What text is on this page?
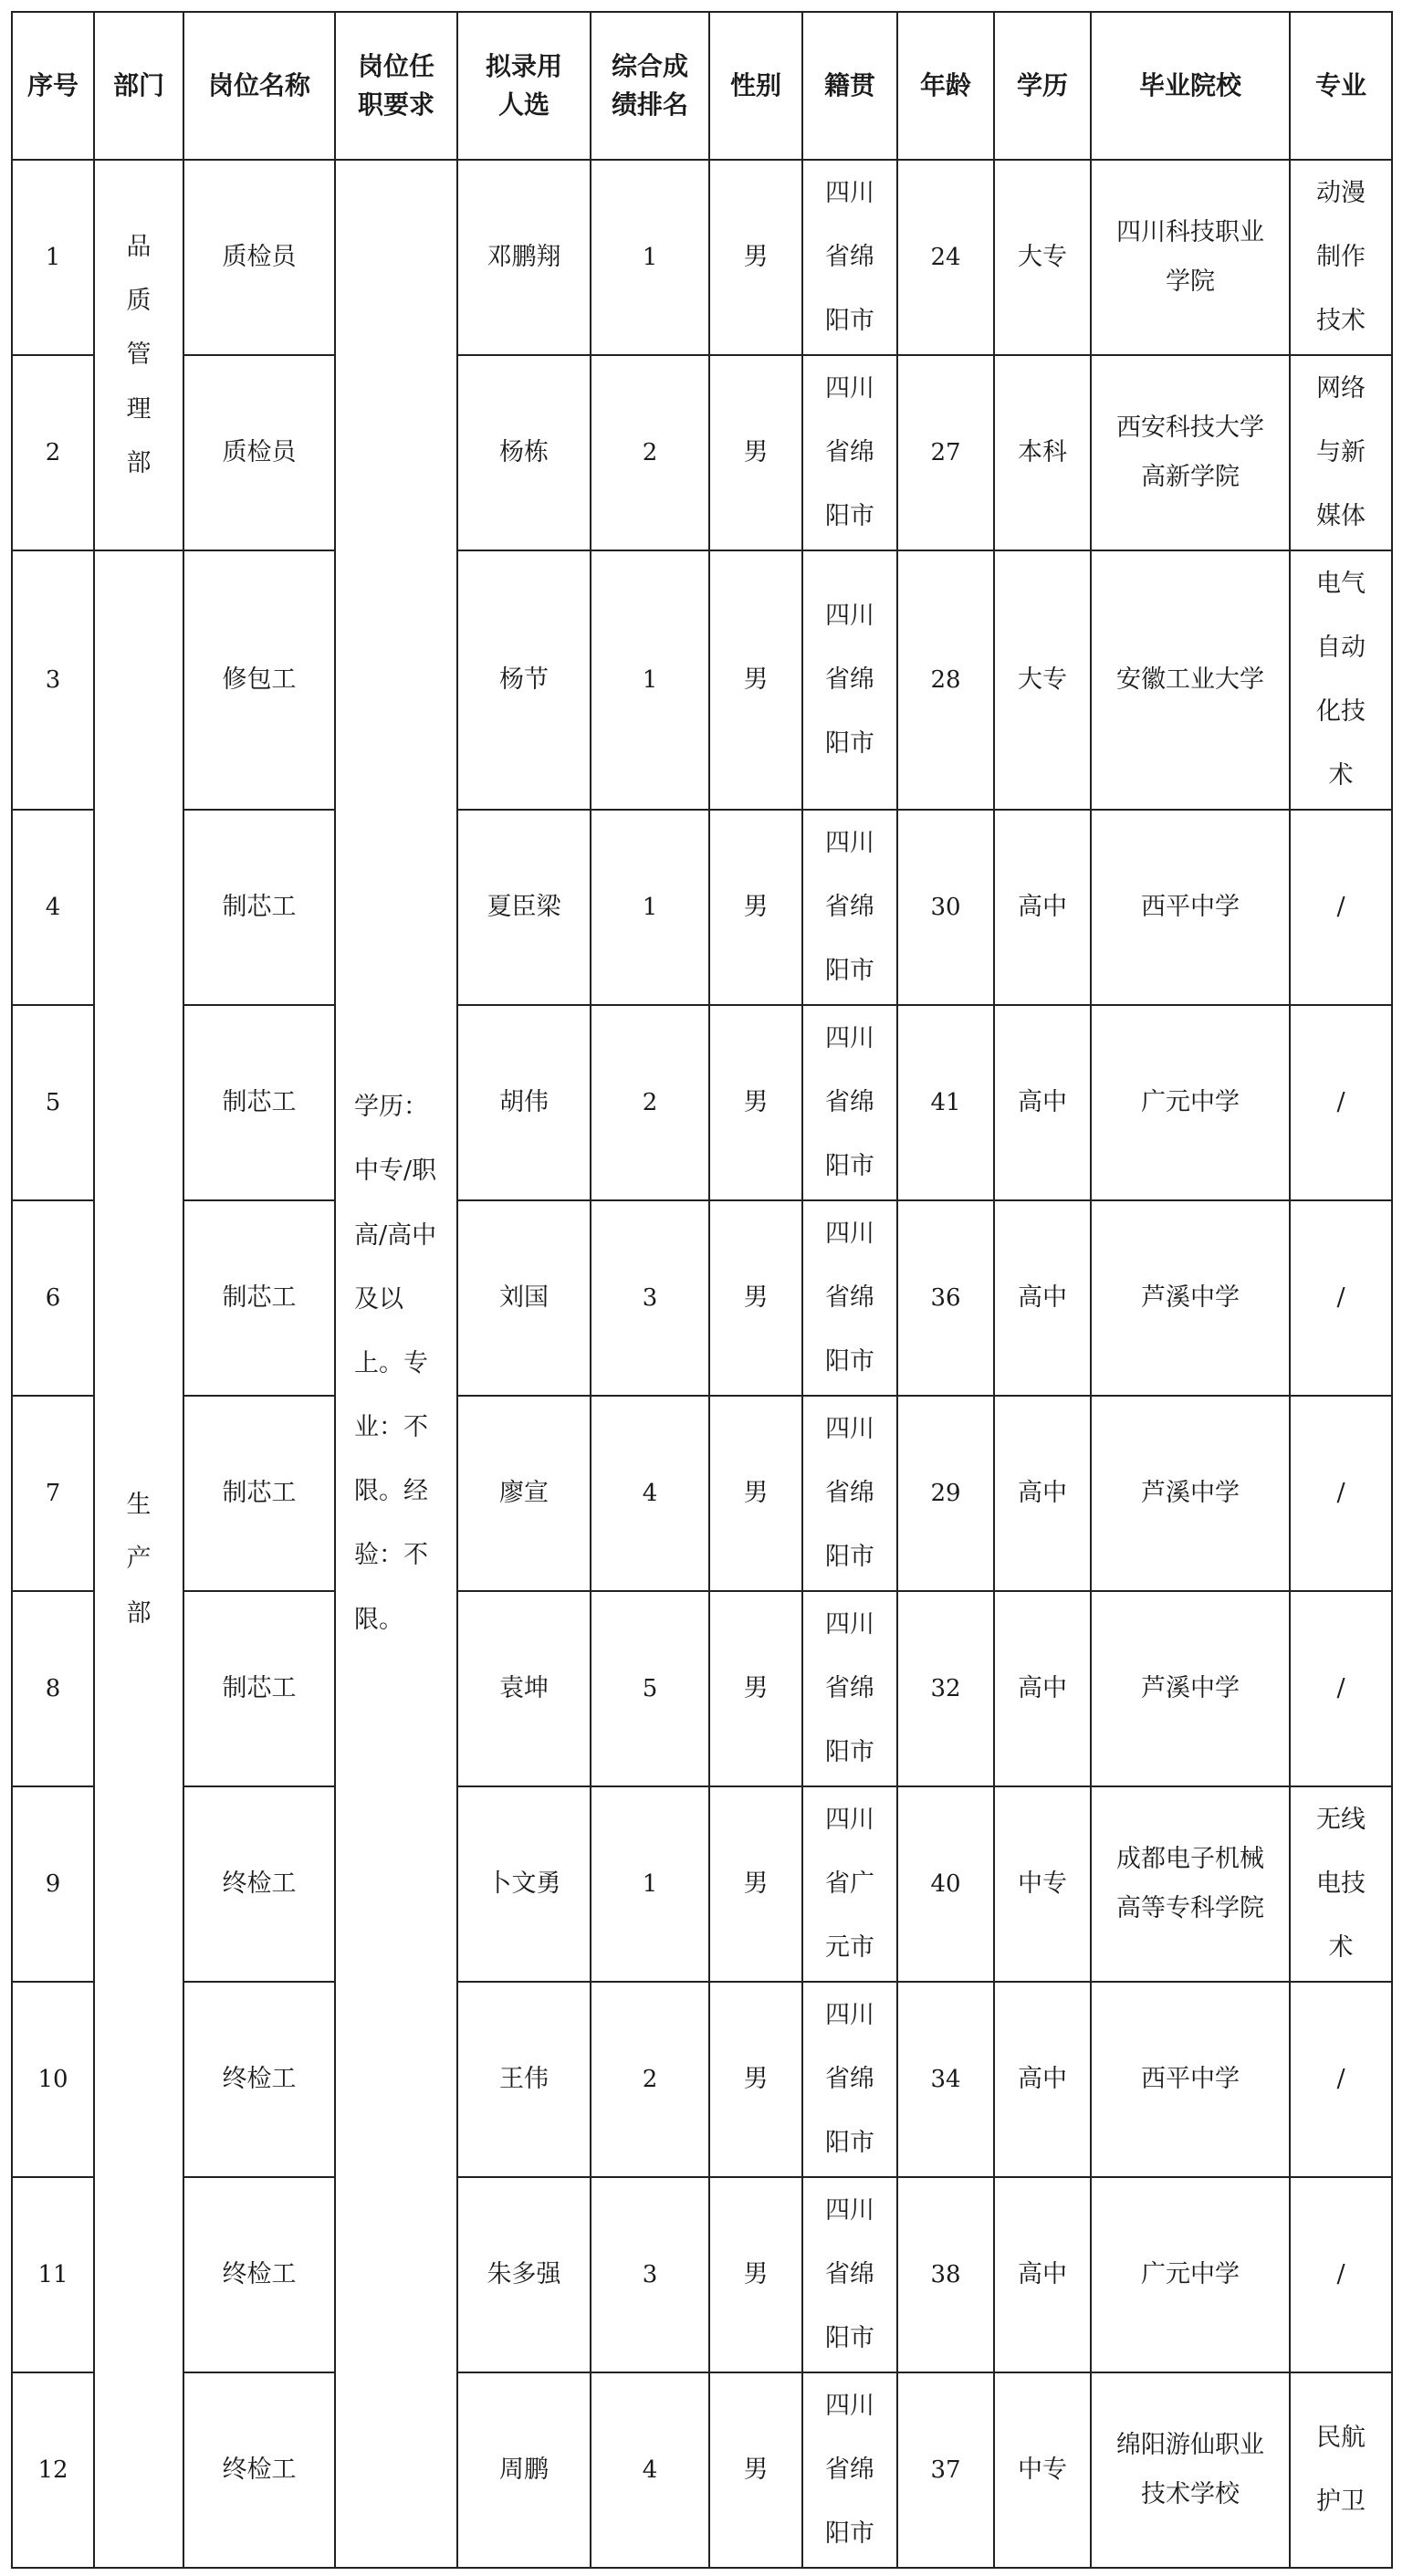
序号	部门	岗位名称	岗位任职要求	拟录用人选	综合成绩排名	性别	籍贯	年龄	学历	毕业院校	专业
1	品质管理部	质检员	学历：中专/职高/高中及以上。专业：不限。经验：不限。	邓鹏翔	1	男	四川省绵阳市	24	大专	四川科技职业学院	动漫制作技术
2		质检员		杨栋	2	男	四川省绵阳市	27	本科	西安科技大学高新学院	网络与新媒体
3	生产部	修包工		杨节	1	男	四川省绵阳市	28	大专	安徽工业大学	电气自动化技术
4		制芯工		夏臣梁	1	男	四川省绵阳市	30	高中	西平中学	/
5		制芯工		胡伟	2	男	四川省绵阳市	41	高中	广元中学	/
6		制芯工		刘国	3	男	四川省绵阳市	36	高中	芦溪中学	/
7		制芯工		廖宣	4	男	四川省绵阳市	29	高中	芦溪中学	/
8		制芯工		袁坤	5	男	四川省绵阳市	32	高中	芦溪中学	/
9		终检工		卜文勇	1	男	四川省广元市	40	中专	成都电子机械高等专科学院	无线电技术
10		终检工		王伟	2	男	四川省绵阳市	34	高中	西平中学	/
11		终检工		朱多强	3	男	四川省绵阳市	38	高中	广元中学	/
12		终检工		周鹏	4	男	四川省绵阳市	37	中专	绵阳游仙职业技术学校	民航护卫
